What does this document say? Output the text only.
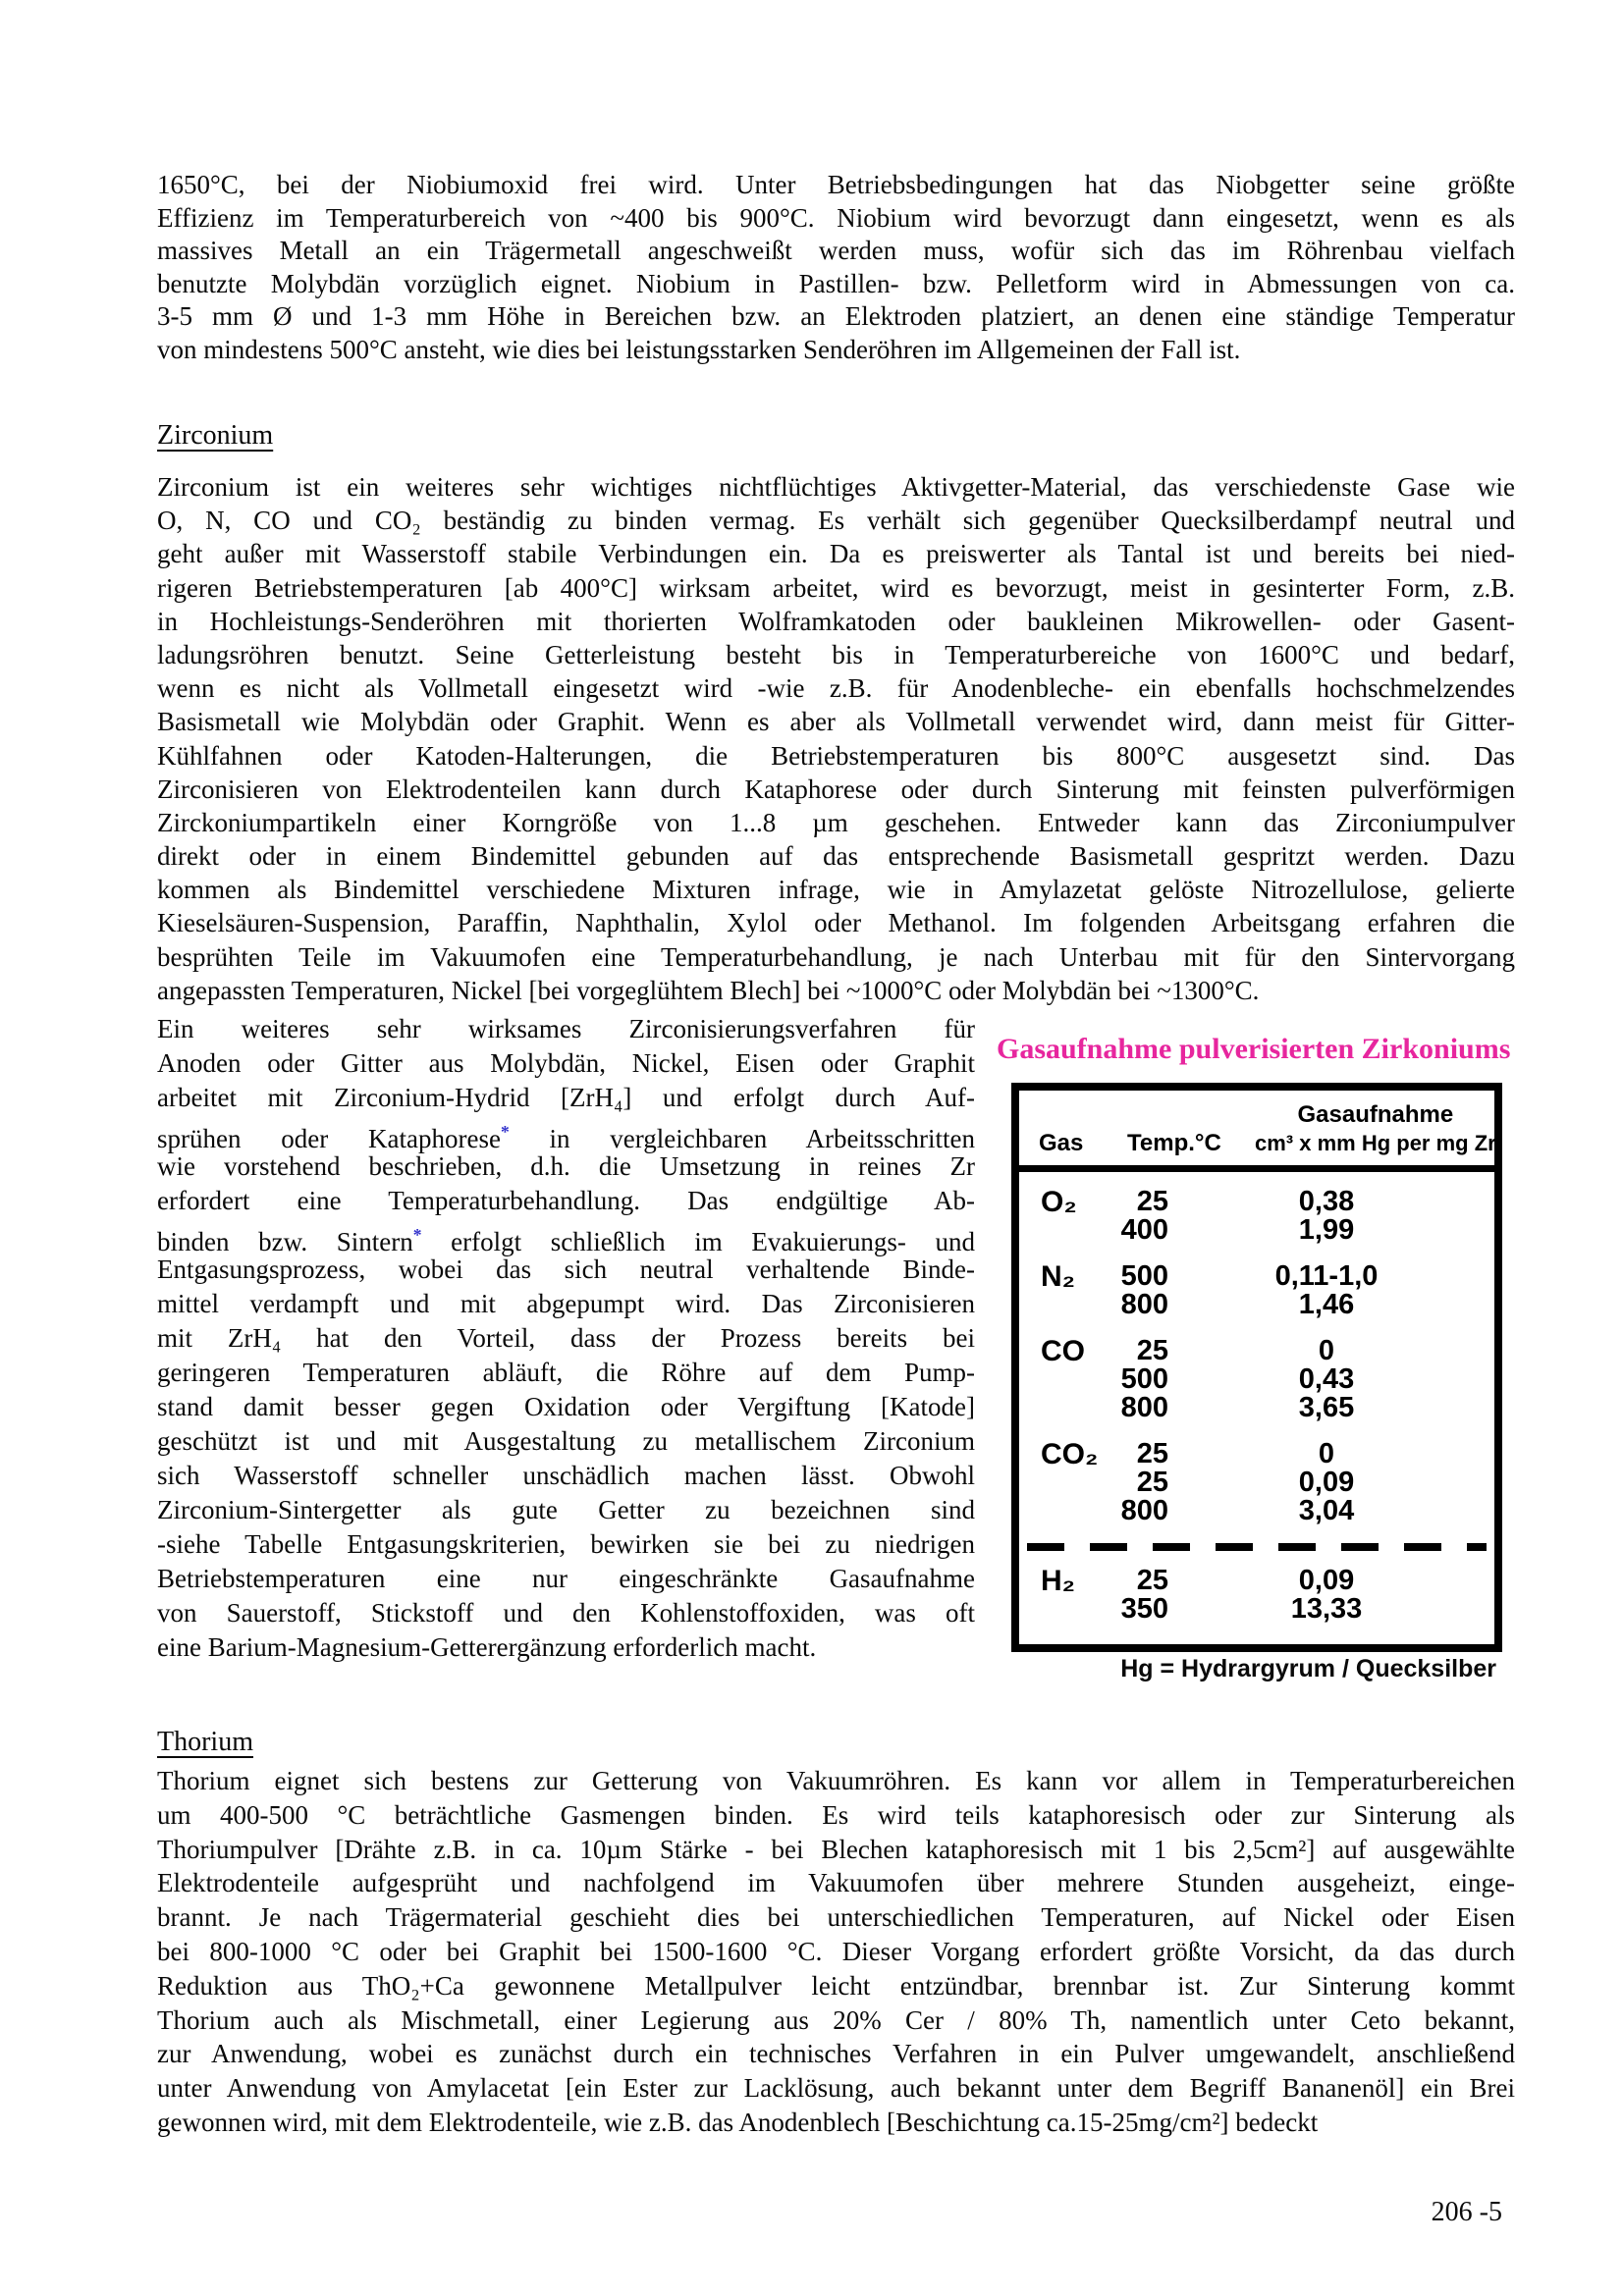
1650°C, bei der Niobiumoxid frei wird. Unter Betriebsbedingungen hat das Niobgetter seine größte
Effizienz im Temperaturbereich von ~400 bis 900°C. Niobium wird bevorzugt dann eingesetzt, wenn es als
massives Metall an ein Trägermetall angeschweißt werden muss, wofür sich das im Röhrenbau vielfach
benutzte Molybdän vorzüglich eignet. Niobium in Pastillen- bzw. Pelletform wird in Abmessungen von ca.
3-5 mm Ø und 1-3 mm Höhe in Bereichen bzw. an Elektroden platziert, an denen eine ständige Temperatur
von mindestens 500°C ansteht, wie dies bei leistungsstarken Senderöhren im Allgemeinen der Fall ist.
Zirconium
Zirconium ist ein weiteres sehr wichtiges nichtflüchtiges Aktivgetter-Material, das verschiedenste Gase wie
O, N, CO und CO₂ beständig zu binden vermag. Es verhält sich gegenüber Quecksilberdampf neutral und
geht außer mit Wasserstoff stabile Verbindungen ein. Da es preiswerter als Tantal ist und bereits bei nied-
rigeren Betriebstemperaturen [ab 400°C] wirksam arbeitet, wird es bevorzugt, meist in gesinterter Form, z.B.
in Hochleistungs-Senderöhren mit thorierten Wolframkatoden oder baukleinen Mikrowellen- oder Gasent-
ladungsröhren benutzt. Seine Getterleistung besteht bis in Temperaturbereiche von 1600°C und bedarf,
wenn es nicht als Vollmetall eingesetzt wird -wie z.B. für Anodenbleche- ein ebenfalls hochschmelzendes
Basismetall wie Molybdän oder Graphit. Wenn es aber als Vollmetall verwendet wird, dann meist für Gitter-
Kühlfahnen oder Katoden-Halterungen, die Betriebstemperaturen bis 800°C ausgesetzt sind. Das
Zirconisieren von Elektrodenteilen kann durch Kataphorese oder durch Sinterung mit feinsten pulverförmigen
Zirckoniumpartikeln einer Korngröße von 1...8 µm geschehen. Entweder kann das Zirconiumpulver
direkt oder in einem Bindemittel gebunden auf das entsprechende Basismetall gespritzt werden. Dazu
kommen als Bindemittel verschiedene Mixturen infrage, wie in Amylazetat gelöste Nitrozellulose, gelierte
Kieselsäuren-Suspension, Paraffin, Naphthalin, Xylol oder Methanol. Im folgenden Arbeitsgang erfahren die
besprühten Teile im Vakuumofen eine Temperaturbehandlung, je nach Unterbau mit für den Sintervorgang
angepassten Temperaturen, Nickel [bei vorgeglühtem Blech] bei ~1000°C oder Molybdän bei ~1300°C.
Ein weiteres sehr wirksames Zirconisierungsverfahren für
Anoden oder Gitter aus Molybdän, Nickel, Eisen oder Graphit
arbeitet mit Zirconium-Hydrid [ZrH₄] und erfolgt durch Auf-
sprühen oder Kataphorese* in vergleichbaren Arbeitsschritten
wie vorstehend beschrieben, d.h. die Umsetzung in reines Zr
erfordert eine Temperaturbehandlung. Das endgültige Ab-
binden bzw. Sintern* erfolgt schließlich im Evakuierungs- und
Entgasungsprozess, wobei das sich neutral verhaltende Binde-
mittel verdampft und mit abgepumpt wird. Das Zirconisieren
mit ZrH₄ hat den Vorteil, dass der Prozess bereits bei
geringeren Temperaturen abläuft, die Röhre auf dem Pump-
stand damit besser gegen Oxidation oder Vergiftung [Katode]
geschützt ist und mit Ausgestaltung zu metallischem Zirconium
sich Wasserstoff schneller unschädlich machen lässt. Obwohl
Zirconium-Sintergetter als gute Getter zu bezeichnen sind
-siehe Tabelle Entgasungskriterien, bewirken sie bei zu niedrigen
Betriebstemperaturen eine nur eingeschränkte Gasaufnahme
von Sauerstoff, Stickstoff und den Kohlenstoffoxiden, was oft
eine Barium-Magnesium-Getterergänzung erforderlich macht.
Gasaufnahme pulverisierten Zirkoniums
Gas	Temp.°C
Gasaufnahme
cm³ x mm Hg per mg Zr
O₂	25	0,38
400	1,99
N₂	500	0,11-1,0
800	1,46
CO	25	0
500	0,43
800	3,65
CO₂	25	0
25	0,09
800	3,04
H₂	25	0,09
350	13,33
Hg = Hydrargyrum / Quecksilber
Thorium
Thorium eignet sich bestens zur Getterung von Vakuumröhren. Es kann vor allem in Temperaturbereichen
um 400-500 °C beträchtliche Gasmengen binden. Es wird teils kataphoresisch oder zur Sinterung als
Thoriumpulver [Drähte z.B. in ca. 10µm Stärke - bei Blechen kataphoresisch mit 1 bis 2,5cm²] auf ausgewählte
Elektrodenteile aufgesprüht und nachfolgend im Vakuumofen über mehrere Stunden ausgeheizt, einge-
brannt. Je nach Trägermaterial geschieht dies bei unterschiedlichen Temperaturen, auf Nickel oder Eisen
bei 800-1000 °C oder bei Graphit bei 1500-1600 °C. Dieser Vorgang erfordert größte Vorsicht, da das durch
Reduktion aus ThO₂+Ca gewonnene Metallpulver leicht entzündbar, brennbar ist. Zur Sinterung kommt
Thorium auch als Mischmetall, einer Legierung aus 20% Cer / 80% Th, namentlich unter Ceto bekannt,
zur Anwendung, wobei es zunächst durch ein technisches Verfahren in ein Pulver umgewandelt, anschließend
unter Anwendung von Amylacetat [ein Ester zur Lacklösung, auch bekannt unter dem Begriff Bananenöl] ein Brei
gewonnen wird, mit dem Elektrodenteile, wie z.B. das Anodenblech [Beschichtung ca.15-25mg/cm²] bedeckt
206 -5
